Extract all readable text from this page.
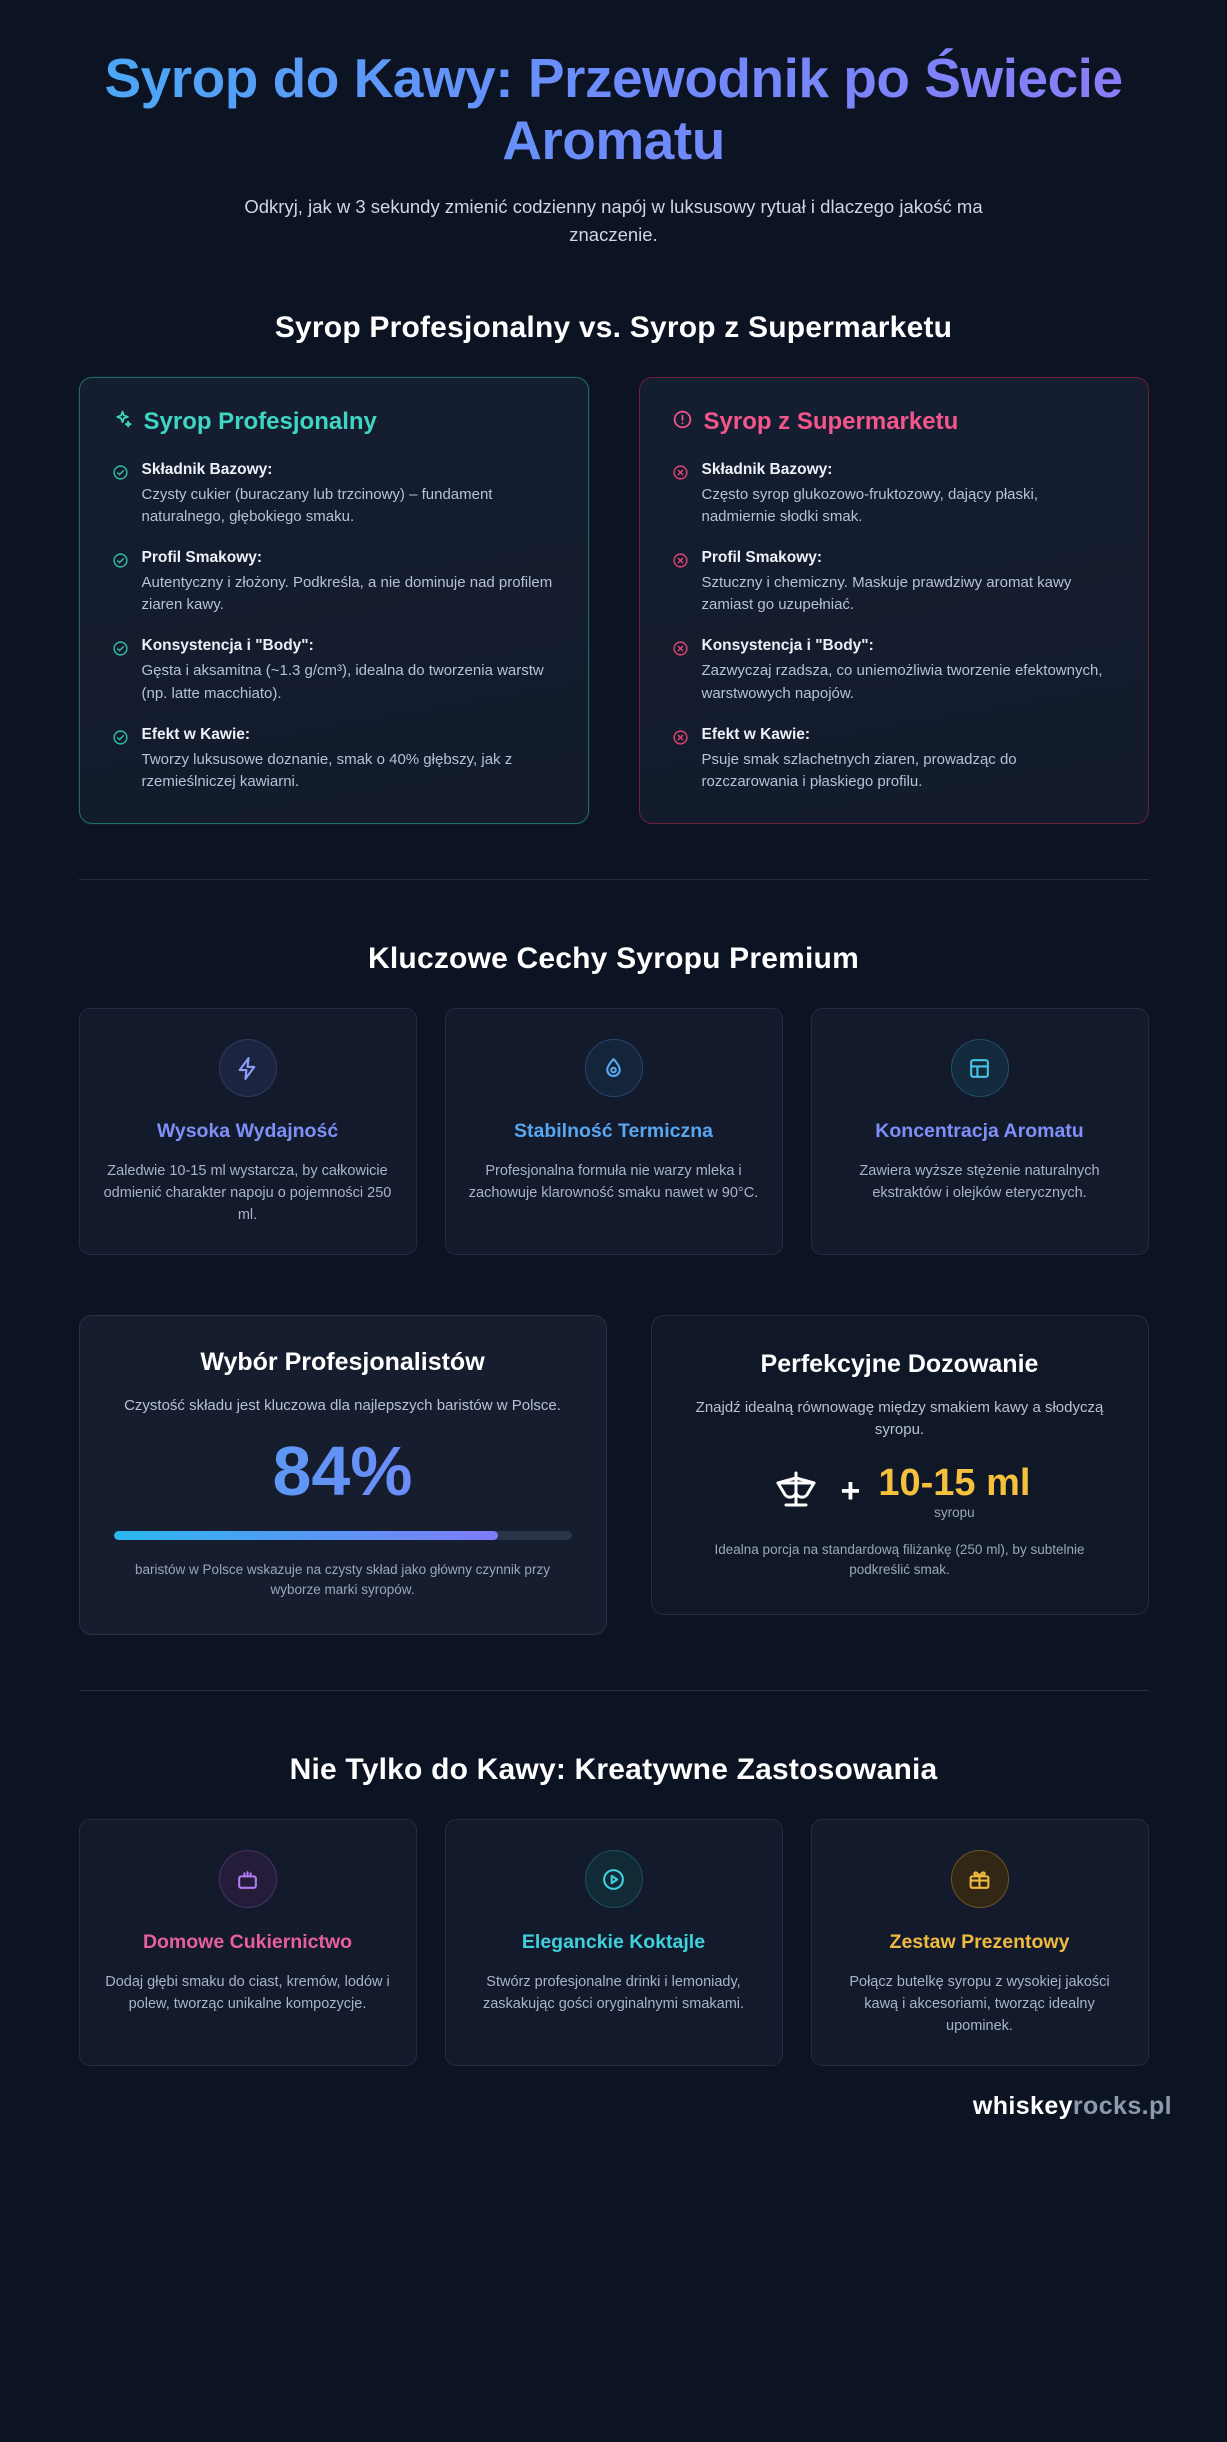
Syrop do Kawy: Przewodnik po Świecie Aromatu

Odkryj, jak w 3 sekundy zmienić codzienny napój w luksusowy rytuał i dlaczego jakość ma znaczenie.

Syrop Profesjonalny vs. Syrop z Supermarketu
Syrop Profesjonalny
Składnik Bazowy:
Czysty cukier (buraczany lub trzcinowy) – fundament naturalnego, głębokiego smaku.
Profil Smakowy:
Autentyczny i złożony. Podkreśla, a nie dominuje nad profilem ziaren kawy.
Konsystencja i "Body":
Gęsta i aksamitna (~1.3 g/cm³), idealna do tworzenia warstw (np. latte macchiato).
Efekt w Kawie:
Tworzy luksusowe doznanie, smak o 40% głębszy, jak z rzemieślniczej kawiarni.
Syrop z Supermarketu
Składnik Bazowy:
Często syrop glukozowo-fruktozowy, dający płaski, nadmiernie słodki smak.
Profil Smakowy:
Sztuczny i chemiczny. Maskuje prawdziwy aromat kawy zamiast go uzupełniać.
Konsystencja i "Body":
Zazwyczaj rzadsza, co uniemożliwia tworzenie efektownych, warstwowych napojów.
Efekt w Kawie:
Psuje smak szlachetnych ziaren, prowadząc do rozczarowania i płaskiego profilu.
Kluczowe Cechy Syropu Premium
Wysoka Wydajność
Zaledwie 10-15 ml wystarcza, by całkowicie odmienić charakter napoju o pojemności 250 ml.
Stabilność Termiczna
Profesjonalna formuła nie warzy mleka i zachowuje klarowność smaku nawet w 90°C.
Koncentracja Aromatu
Zawiera wyższe stężenie naturalnych ekstraktów i olejków eterycznych.
Wybór Profesjonalistów
Czystość składu jest kluczowa dla najlepszych baristów w Polsce.
84%
baristów w Polsce wskazuje na czysty skład jako główny czynnik przy wyborze marki syropów.
Perfekcyjne Dozowanie
Znajdź idealną równowagę między smakiem kawy a słodyczą syropu.
+ 10-15 ml
syropu
Idealna porcja na standardową filiżankę (250 ml), by subtelnie podkreślić smak.
Nie Tylko do Kawy: Kreatywne Zastosowania
Domowe Cukiernictwo
Dodaj głębi smaku do ciast, kremów, lodów i polew, tworząc unikalne kompozycje.
Eleganckie Koktajle
Stwórz profesjonalne drinki i lemoniady, zaskakując gości oryginalnymi smakami.
Zestaw Prezentowy
Połącz butelkę syropu z wysokiej jakości kawą i akcesoriami, tworząc idealny upominek.
whiskeyrocks.pl
